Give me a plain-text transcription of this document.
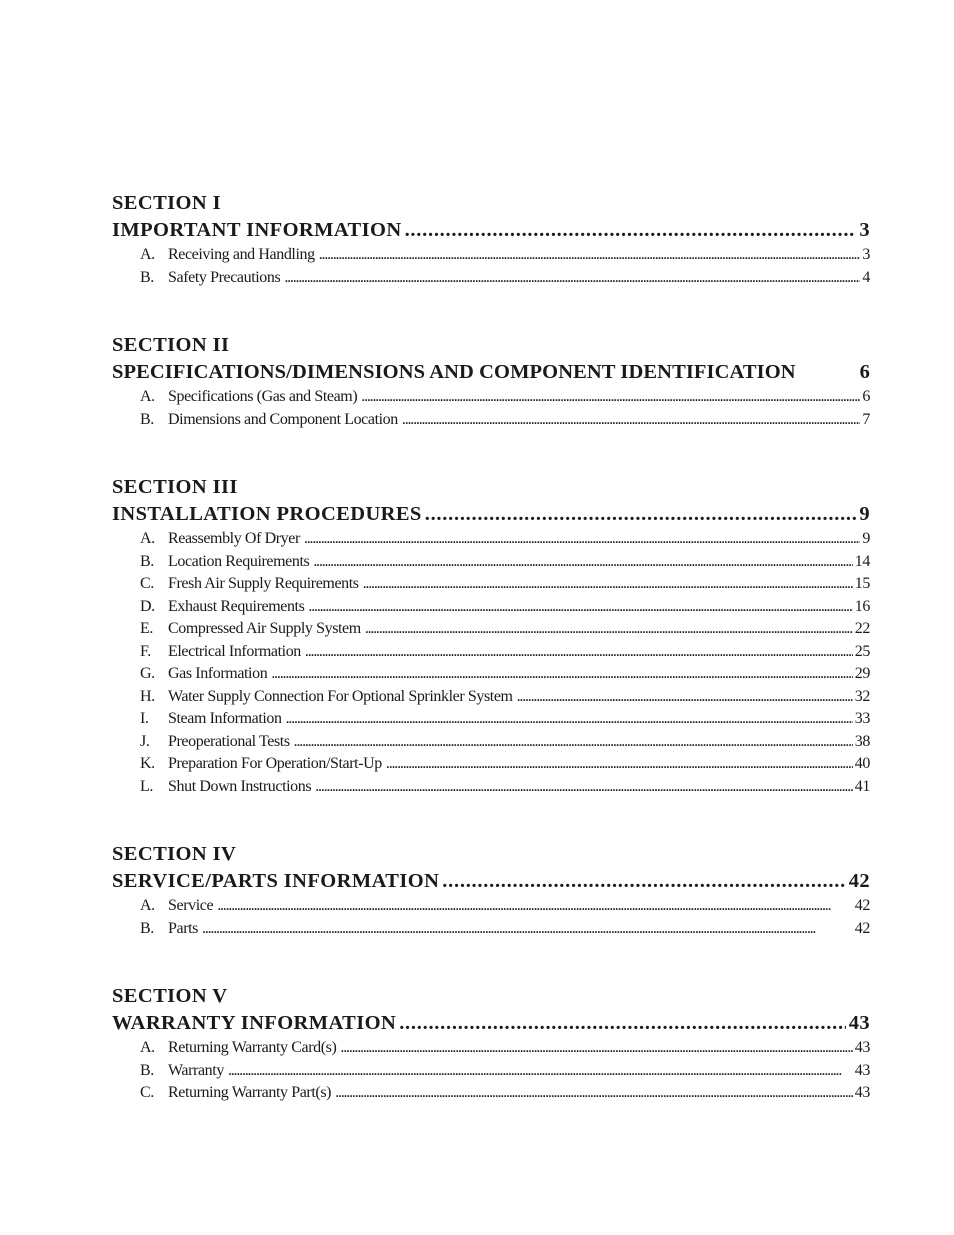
SECTION I
IMPORTANT INFORMATION . . .	3
A. Receiving and Handling . . .	3
B. Safety Precautions . . .	4
SECTION II
SPECIFICATIONS/DIMENSIONS AND COMPONENT IDENTIFICATION	6
A. Specifications (Gas and Steam) . . .	6
B. Dimensions and Component Location . . .	7
SECTION III
INSTALLATION PROCEDURES . . .	9
A. Reassembly Of Dryer . . .	9
B. Location Requirements . . .	14
C. Fresh Air Supply Requirements . . .	15
D. Exhaust Requirements . . .	16
E. Compressed Air Supply System . . .	22
F.	Electrical Information . . .	25
G. Gas Information . . .	29
H. Water Supply Connection For Optional Sprinkler System . . .	32
I.	Steam Information . . .	33
J.	Preoperational Tests . . .	38
K. Preparation For Operation/Start-Up . . .	40
L. Shut Down Instructions . . .	41
SECTION IV
SERVICE/PARTS INFORMATION . . .	42
A. Service . . .	42
B. Parts . . .	42
SECTION V
WARRANTY INFORMATION . . .	43
A. Returning Warranty Card(s) . . .	43
B. Warranty . . .	43
C. Returning Warranty Part(s) . . .	43
